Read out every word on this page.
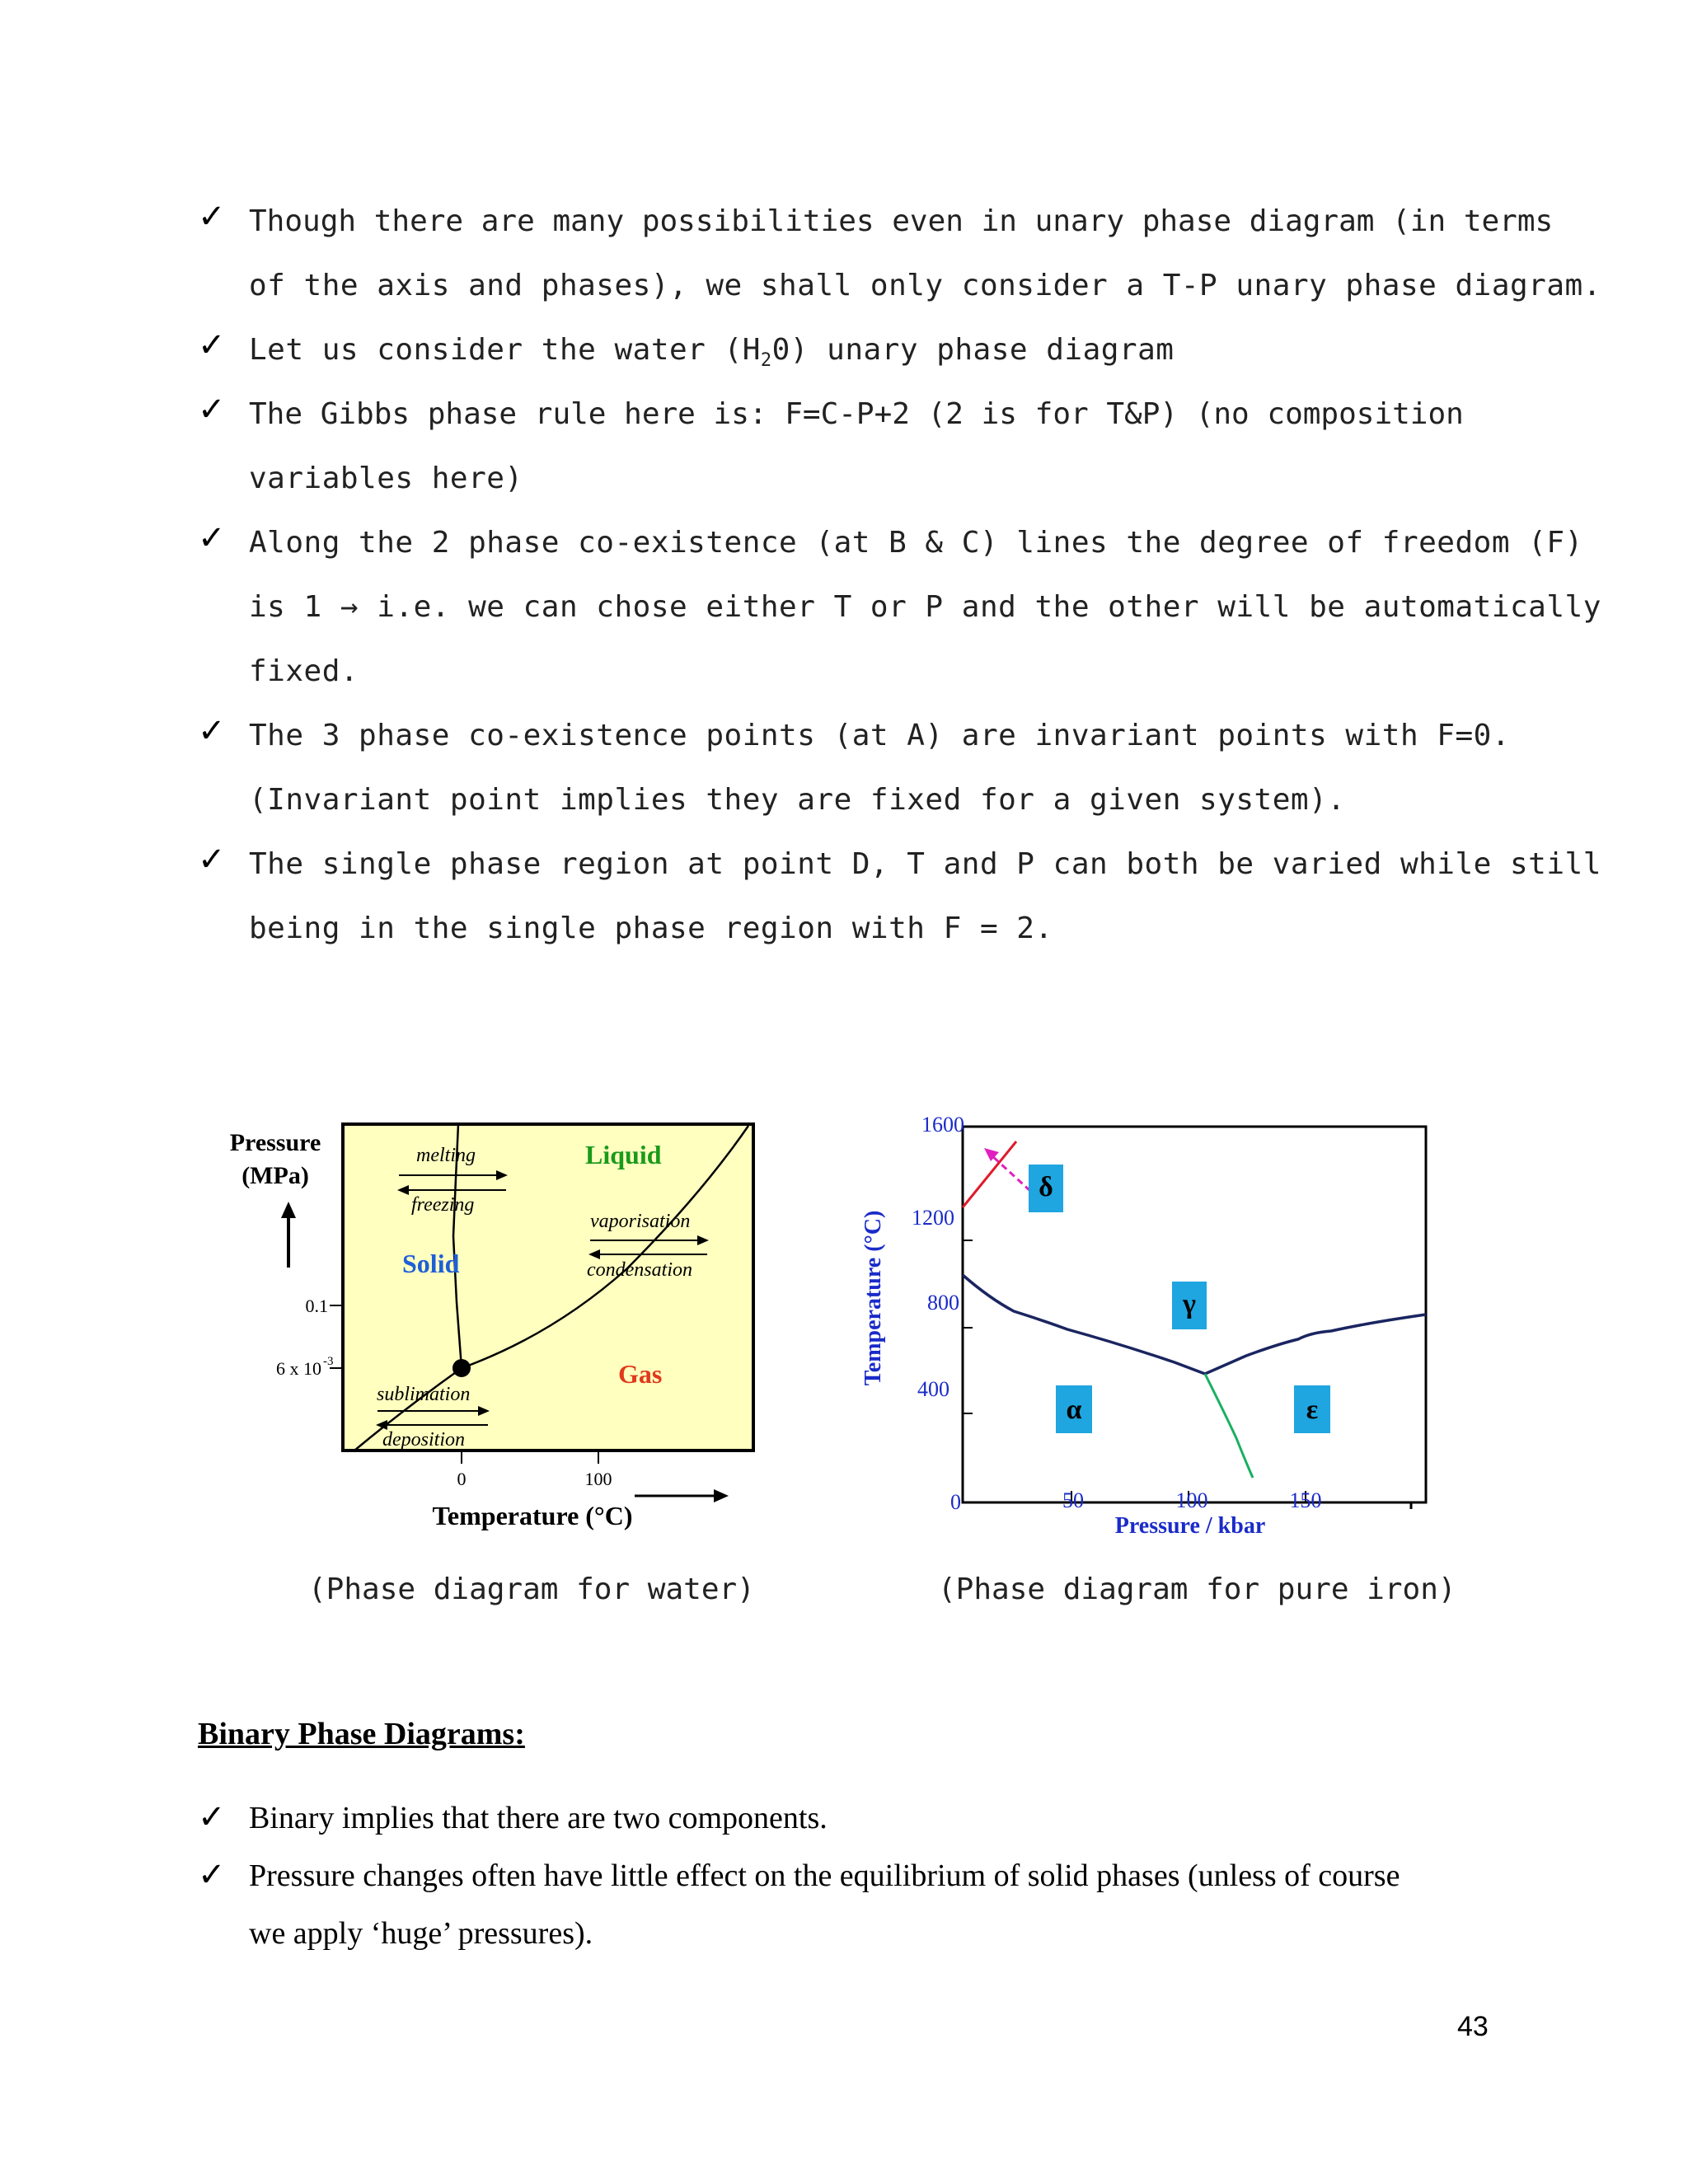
✓ Though there are many possibilities even in unary phase diagram (in terms
of the axis and phases), we shall only consider a T-P unary phase diagram.
✓ Let us consider the water $(H_20)$ unary phase diagram
✓ The Gibbs phase rule here is: F=C-P+2 (2 is for T&P) (no composition
variables here)
✓ Along the 2 phase co-existence (at B & C) lines the degree of freedom (F)
is 1 → i.e. we can chose either T or P and the other will be automatically
fixed.
✓ The 3 phase co-existence points (at A) are invariant points with F=0.
(Invariant point implies they are fixed for a given system).
✓ The single phase region at point D, T and P can both be varied while still
being in the single phase region with F = 2.
Pressure
(MPa)
0.1
6 x 10 -3
Solid
Liquid
Gas
melting
freezing
vaporisation
condensation
sublimation
deposition
0	100
Temperature (°C)
Temperature (°C)
0
400
800
1200
1600
50	100	150
Pressure / kbar
δ
γ
α	ε
(Phase diagram for water)	(Phase diagram for pure iron)
Binary Phase Diagrams:
✓ Binary implies that there are two components.
✓ Pressure changes often have little effect on the equilibrium of solid phases (unless of course
we apply ‘huge’ pressures).
43
